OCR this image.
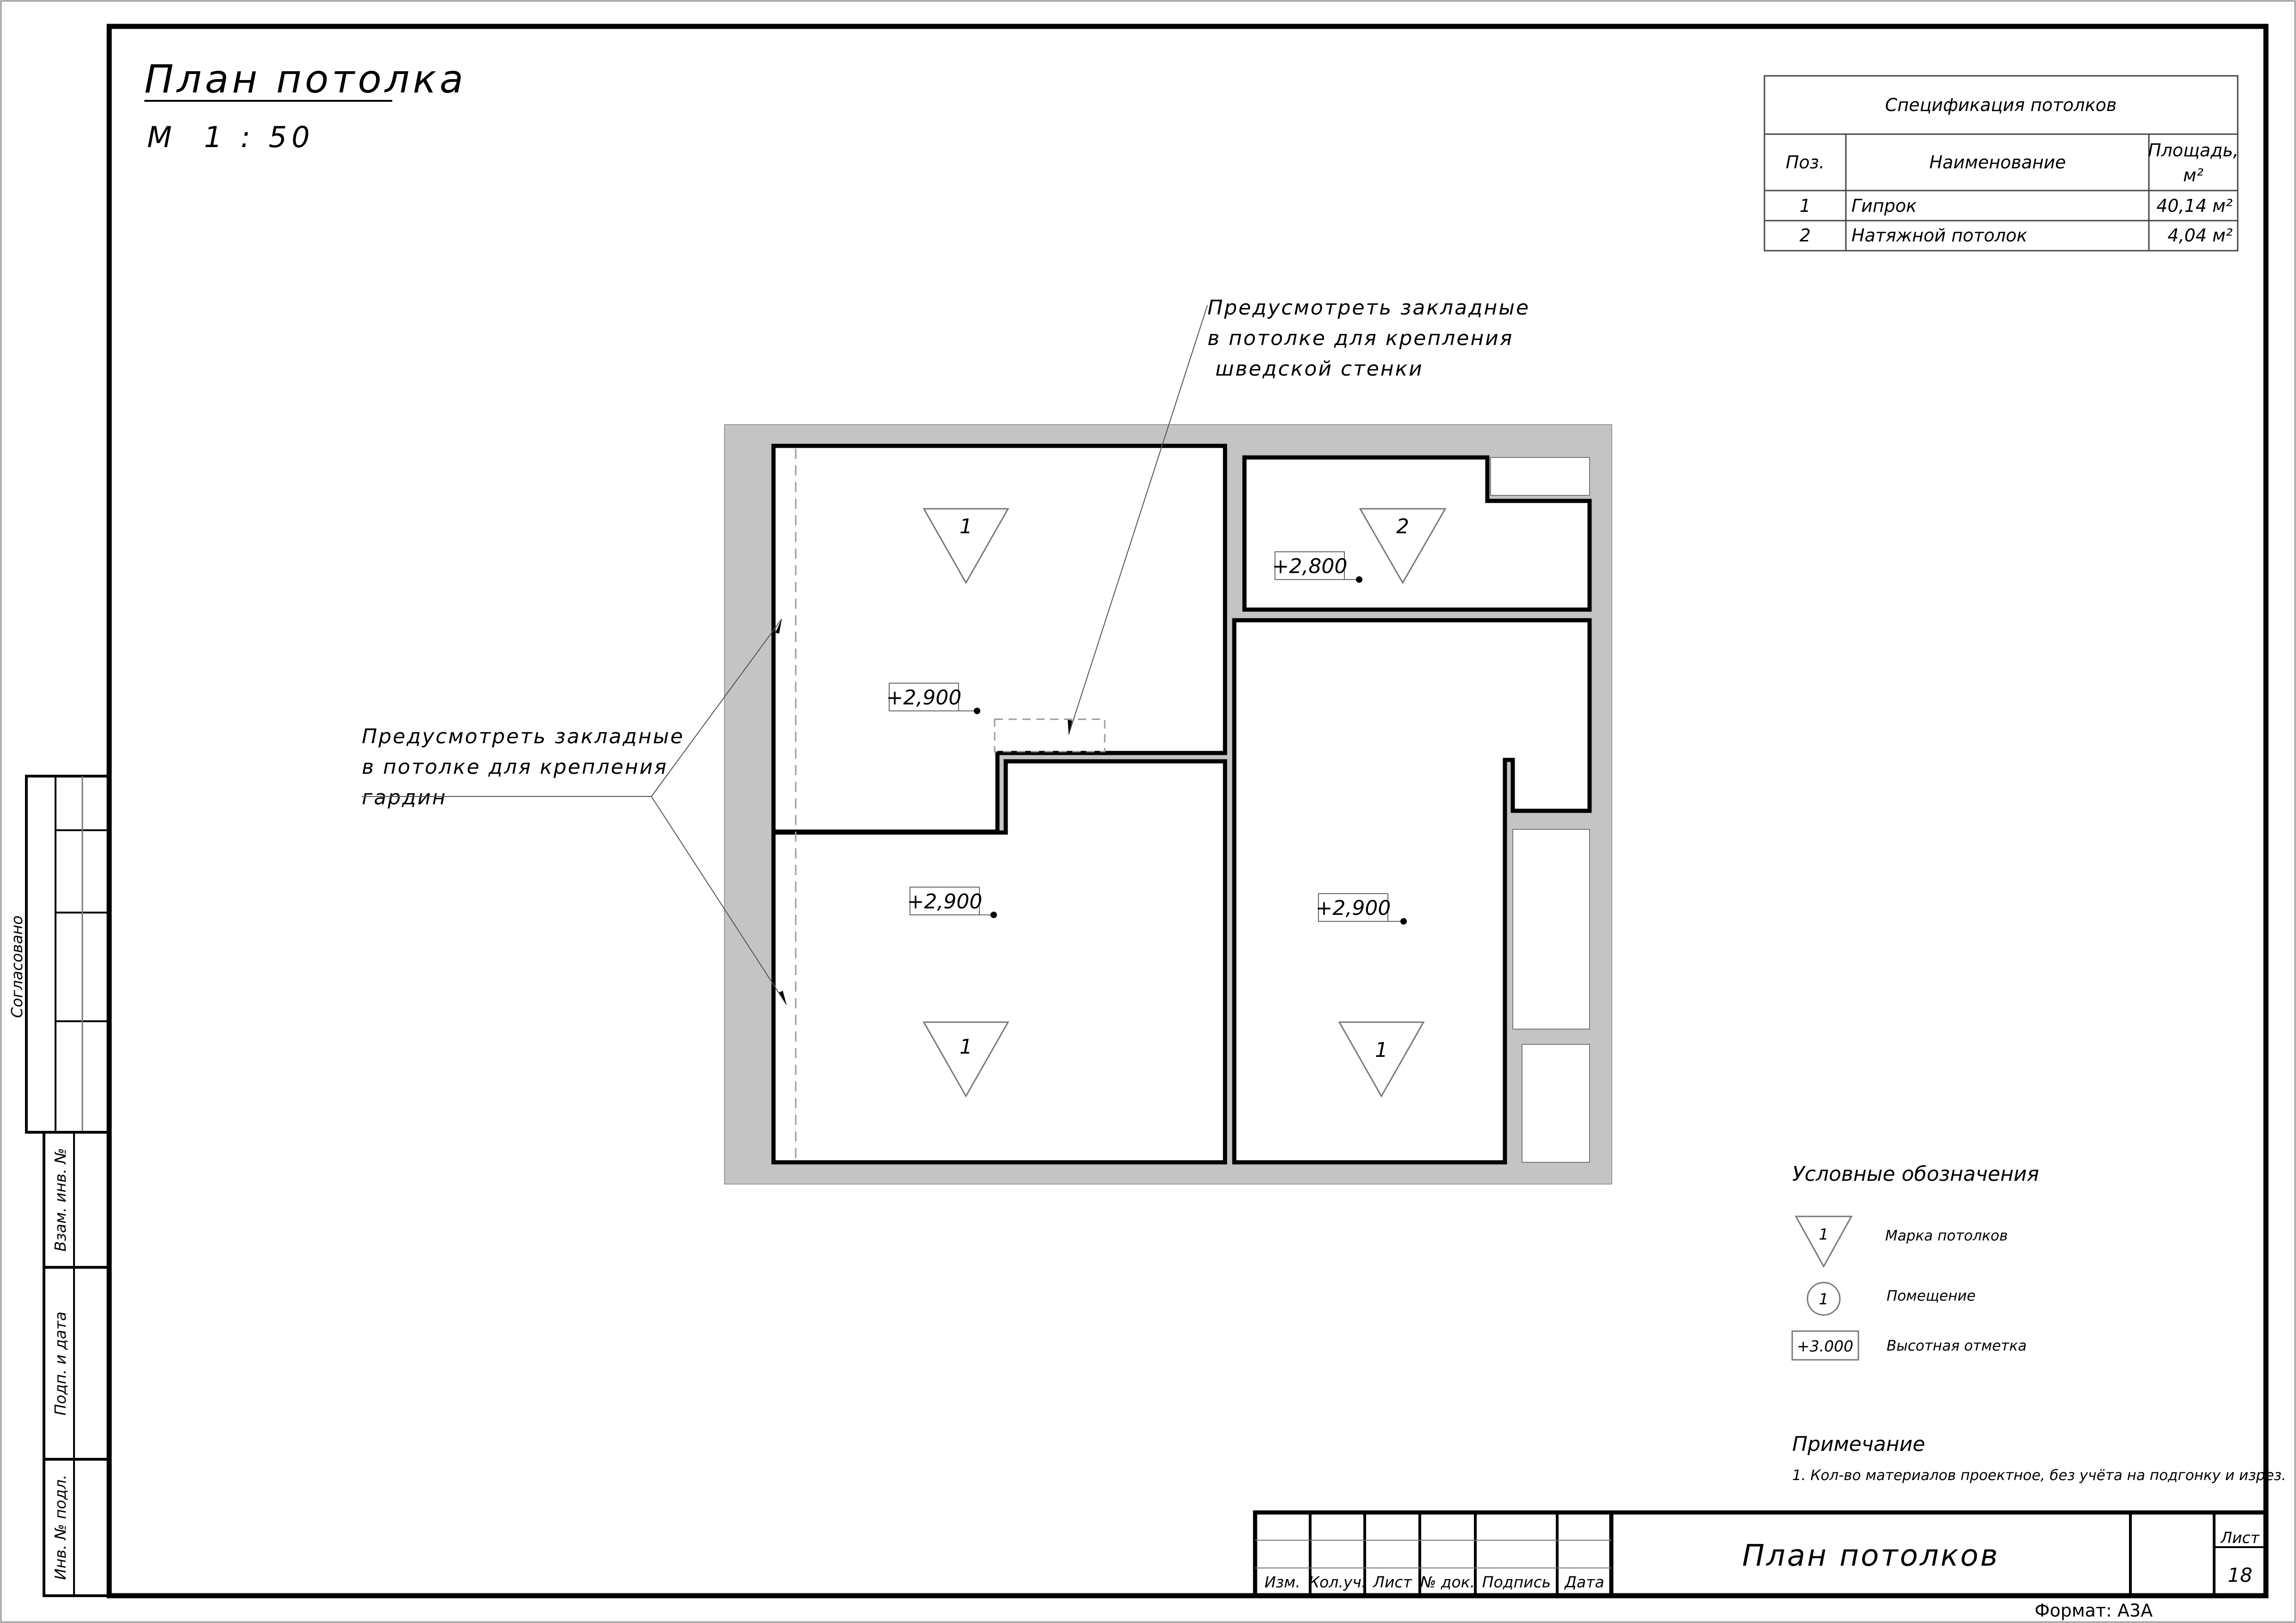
План потолка
М  1 : 50
Спецификация потолков
Поз.	Наименование
Площадь,
м²
1 Гипрок	40,14 м²
2 Натяжной потолок	4,04 м²
1	2
1	1
+2,900
+2,800
+2,900	+2,900
Предусмотреть закладные
в потолке для крепления
гардин
Предусмотреть закладные
в потолке для крепления
шведской стенки
Условные обозначения
1	Марка потолков
1	Помещение
+3.000 Высотная отметка
Примечание
1. Кол-во материалов проектное, без учёта на подгонку и изрез.
Изм. Кол.уч. Лист № док. Подпись Дата
План потолков
Лист
18
Согласовано
Взам. инв. №
Подп. и дата
Инв. № подл.
Формат: А3А
